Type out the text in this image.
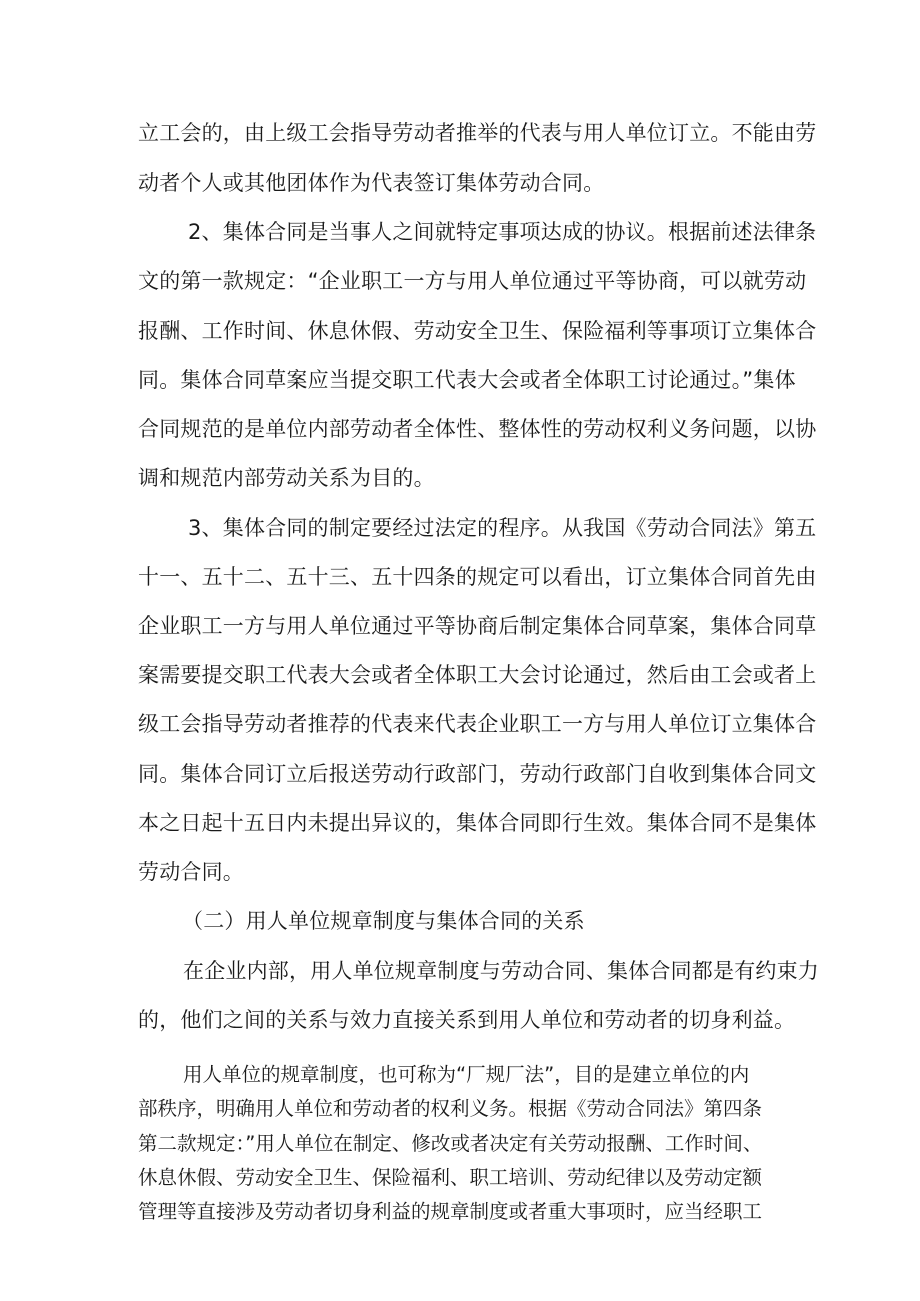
立工会的，由上级工会指导劳动者推举的代表与用人单位订立。不能由劳
动者个人或其他团体作为代表签订集体劳动合同。
2、集体合同是当事人之间就特定事项达成的协议。根据前述法律条
文的第一款规定：“企业职工一方与用人单位通过平等协商，可以就劳动
报酬、工作时间、休息休假、劳动安全卫生、保险福利等事项订立集体合
同。集体合同草案应当提交职工代表大会或者全体职工讨论通过。”集体
合同规范的是单位内部劳动者全体性、整体性的劳动权利义务问题，以协
调和规范内部劳动关系为目的。
3、集体合同的制定要经过法定的程序。从我国《劳动合同法》第五
十一、五十二、五十三、五十四条的规定可以看出，订立集体合同首先由
企业职工一方与用人单位通过平等协商后制定集体合同草案，集体合同草
案需要提交职工代表大会或者全体职工大会讨论通过，然后由工会或者上
级工会指导劳动者推荐的代表来代表企业职工一方与用人单位订立集体合
同。集体合同订立后报送劳动行政部门，劳动行政部门自收到集体合同文
本之日起十五日内未提出异议的，集体合同即行生效。集体合同不是集体
劳动合同。
（二）用人单位规章制度与集体合同的关系
在企业内部，用人单位规章制度与劳动合同、集体合同都是有约束力
的，他们之间的关系与效力直接关系到用人单位和劳动者的切身利益。
用人单位的规章制度，也可称为“厂规厂法”，目的是建立单位的内
部秩序，明确用人单位和劳动者的权利义务。根据《劳动合同法》第四条
第二款规定：”用人单位在制定、修改或者决定有关劳动报酬、工作时间、
休息休假、劳动安全卫生、保险福利、职工培训、劳动纪律以及劳动定额
管理等直接涉及劳动者切身利益的规章制度或者重大事项时，应当经职工
